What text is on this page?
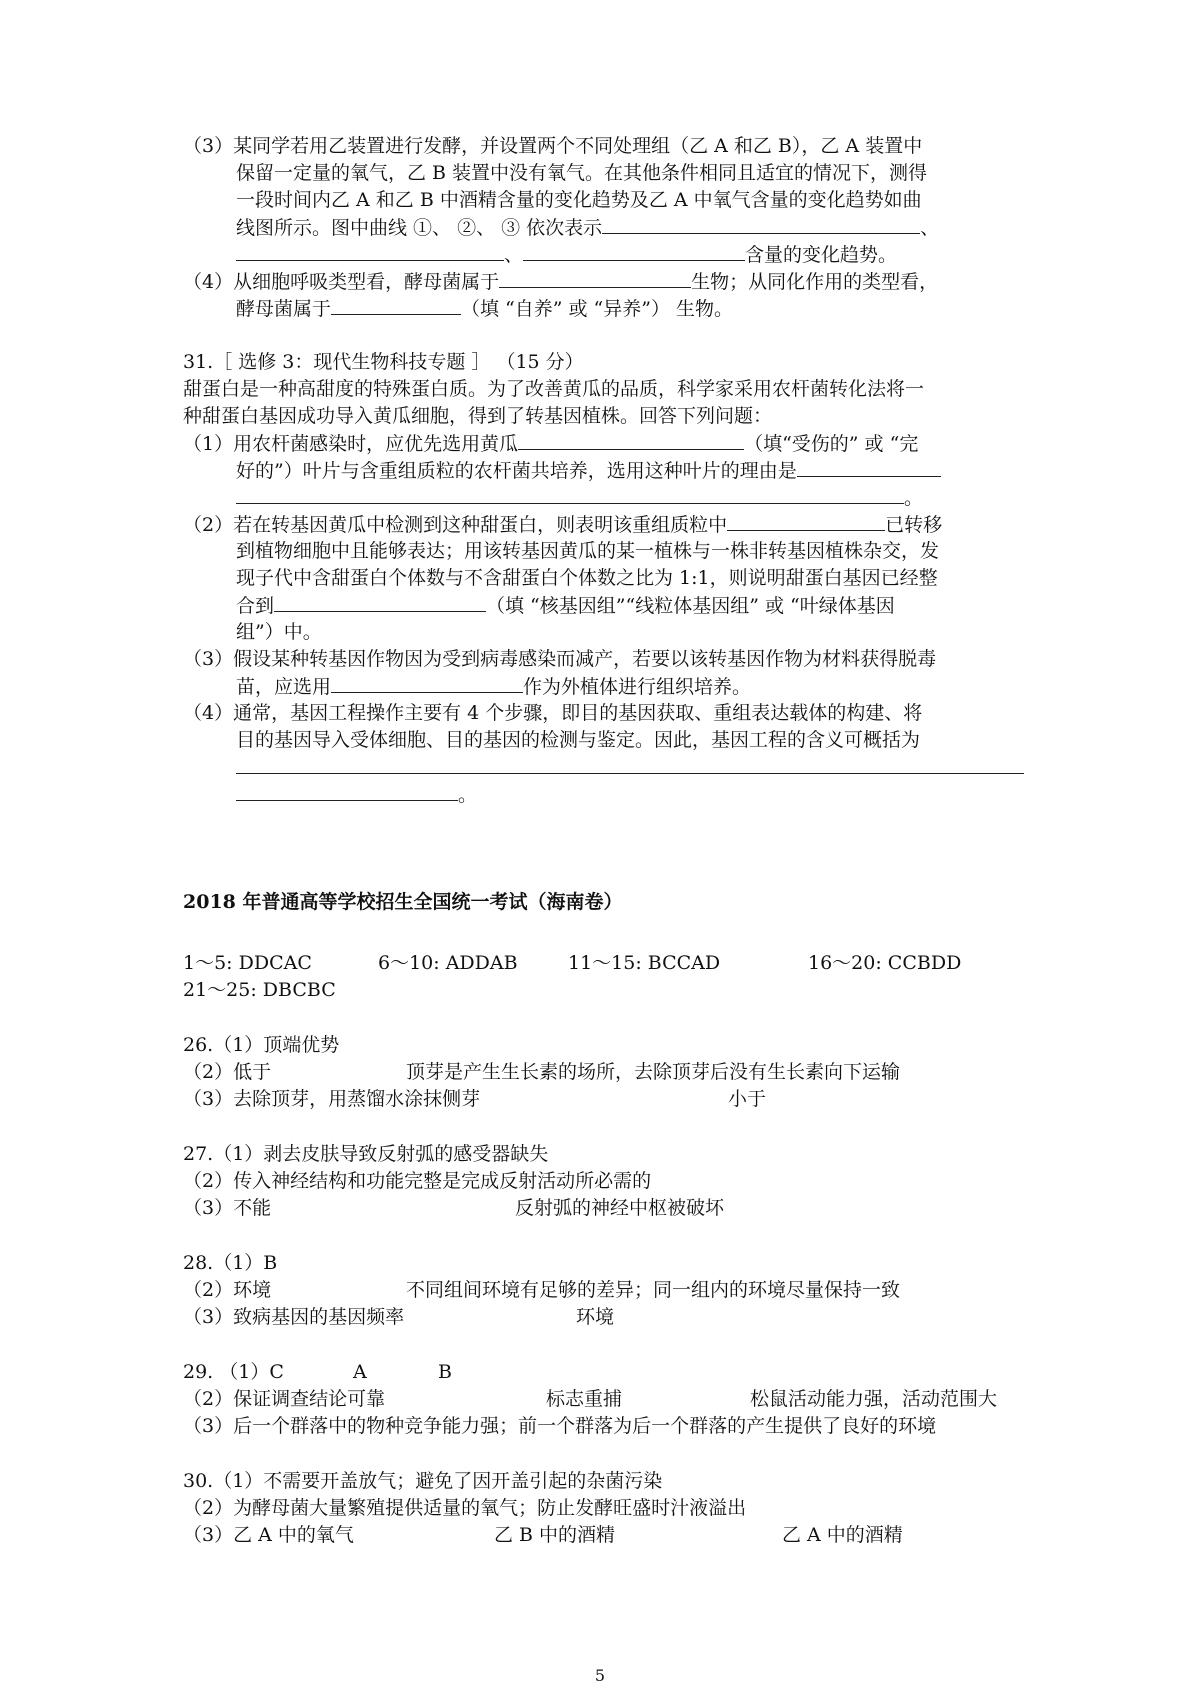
（3）某同学若用乙装置进行发酵，并设置两个不同处理组（乙 A 和乙 B），乙 A 装置中
保留一定量的氧气，乙 B 装置中没有氧气。在其他条件相同且适宜的情况下，测得
一段时间内乙 A 和乙 B 中酒精含量的变化趋势及乙 A 中氧气含量的变化趋势如曲
线图所示。图中曲线 ①、 ②、 ③ 依次表示	、
、	含量的变化趋势。
（4）从细胞呼吸类型看，酵母菌属于	生物；从同化作用的类型看，
酵母菌属于	（填 “自养” 或 “异养”） 生物。
31.［ 选修 3：现代生物科技专题 ］ （15 分）
甜蛋白是一种高甜度的特殊蛋白质。为了改善黄瓜的品质，科学家采用农杆菌转化法将一
种甜蛋白基因成功导入黄瓜细胞，得到了转基因植株。回答下列问题：
（1）用农杆菌感染时，应优先选用黄瓜	（填“受伤的” 或 “完
好的”）叶片与含重组质粒的农杆菌共培养，选用这种叶片的理由是
。
（2）若在转基因黄瓜中检测到这种甜蛋白，则表明该重组质粒中	已转移
到植物细胞中且能够表达；用该转基因黄瓜的某一植株与一株非转基因植株杂交，发
现子代中含甜蛋白个体数与不含甜蛋白个体数之比为 1:1，则说明甜蛋白基因已经整
合到	（填 “核基因组”“线粒体基因组” 或 “叶绿体基因
组”）中。
（3）假设某种转基因作物因为受到病毒感染而减产，若要以该转基因作物为材料获得脱毒
苗，应选用	作为外植体进行组织培养。
（4）通常，基因工程操作主要有 4 个步骤，即目的基因获取、重组表达载体的构建、将
目的基因导入受体细胞、目的基因的检测与鉴定。因此，基因工程的含义可概括为
。
2018 年普通高等学校招生全国统一考试（海南卷）
1～5: DDCAC	6～10: ADDAB	11～15: BCCAD	16～20: CCBDD
21～25: DBCBC
26.（1）顶端优势
（2）低于	顶芽是产生生长素的场所，去除顶芽后没有生长素向下运输
（3）去除顶芽，用蒸馏水涂抹侧芽	小于
27.（1）剥去皮肤导致反射弧的感受器缺失
（2）传入神经结构和功能完整是完成反射活动所必需的
（3）不能	反射弧的神经中枢被破坏
28.（1）B
（2）环境	不同组间环境有足够的差异；同一组内的环境尽量保持一致
（3）致病基因的基因频率	环境
29. （1）C	A	B
（2）保证调查结论可靠	标志重捕	松鼠活动能力强，活动范围大
（3）后一个群落中的物种竞争能力强；前一个群落为后一个群落的产生提供了良好的环境
30.（1）不需要开盖放气；避免了因开盖引起的杂菌污染
（2）为酵母菌大量繁殖提供适量的氧气；防止发酵旺盛时汁液溢出
（3）乙 A 中的氧气	乙 B 中的酒精	乙 A 中的酒精
5
